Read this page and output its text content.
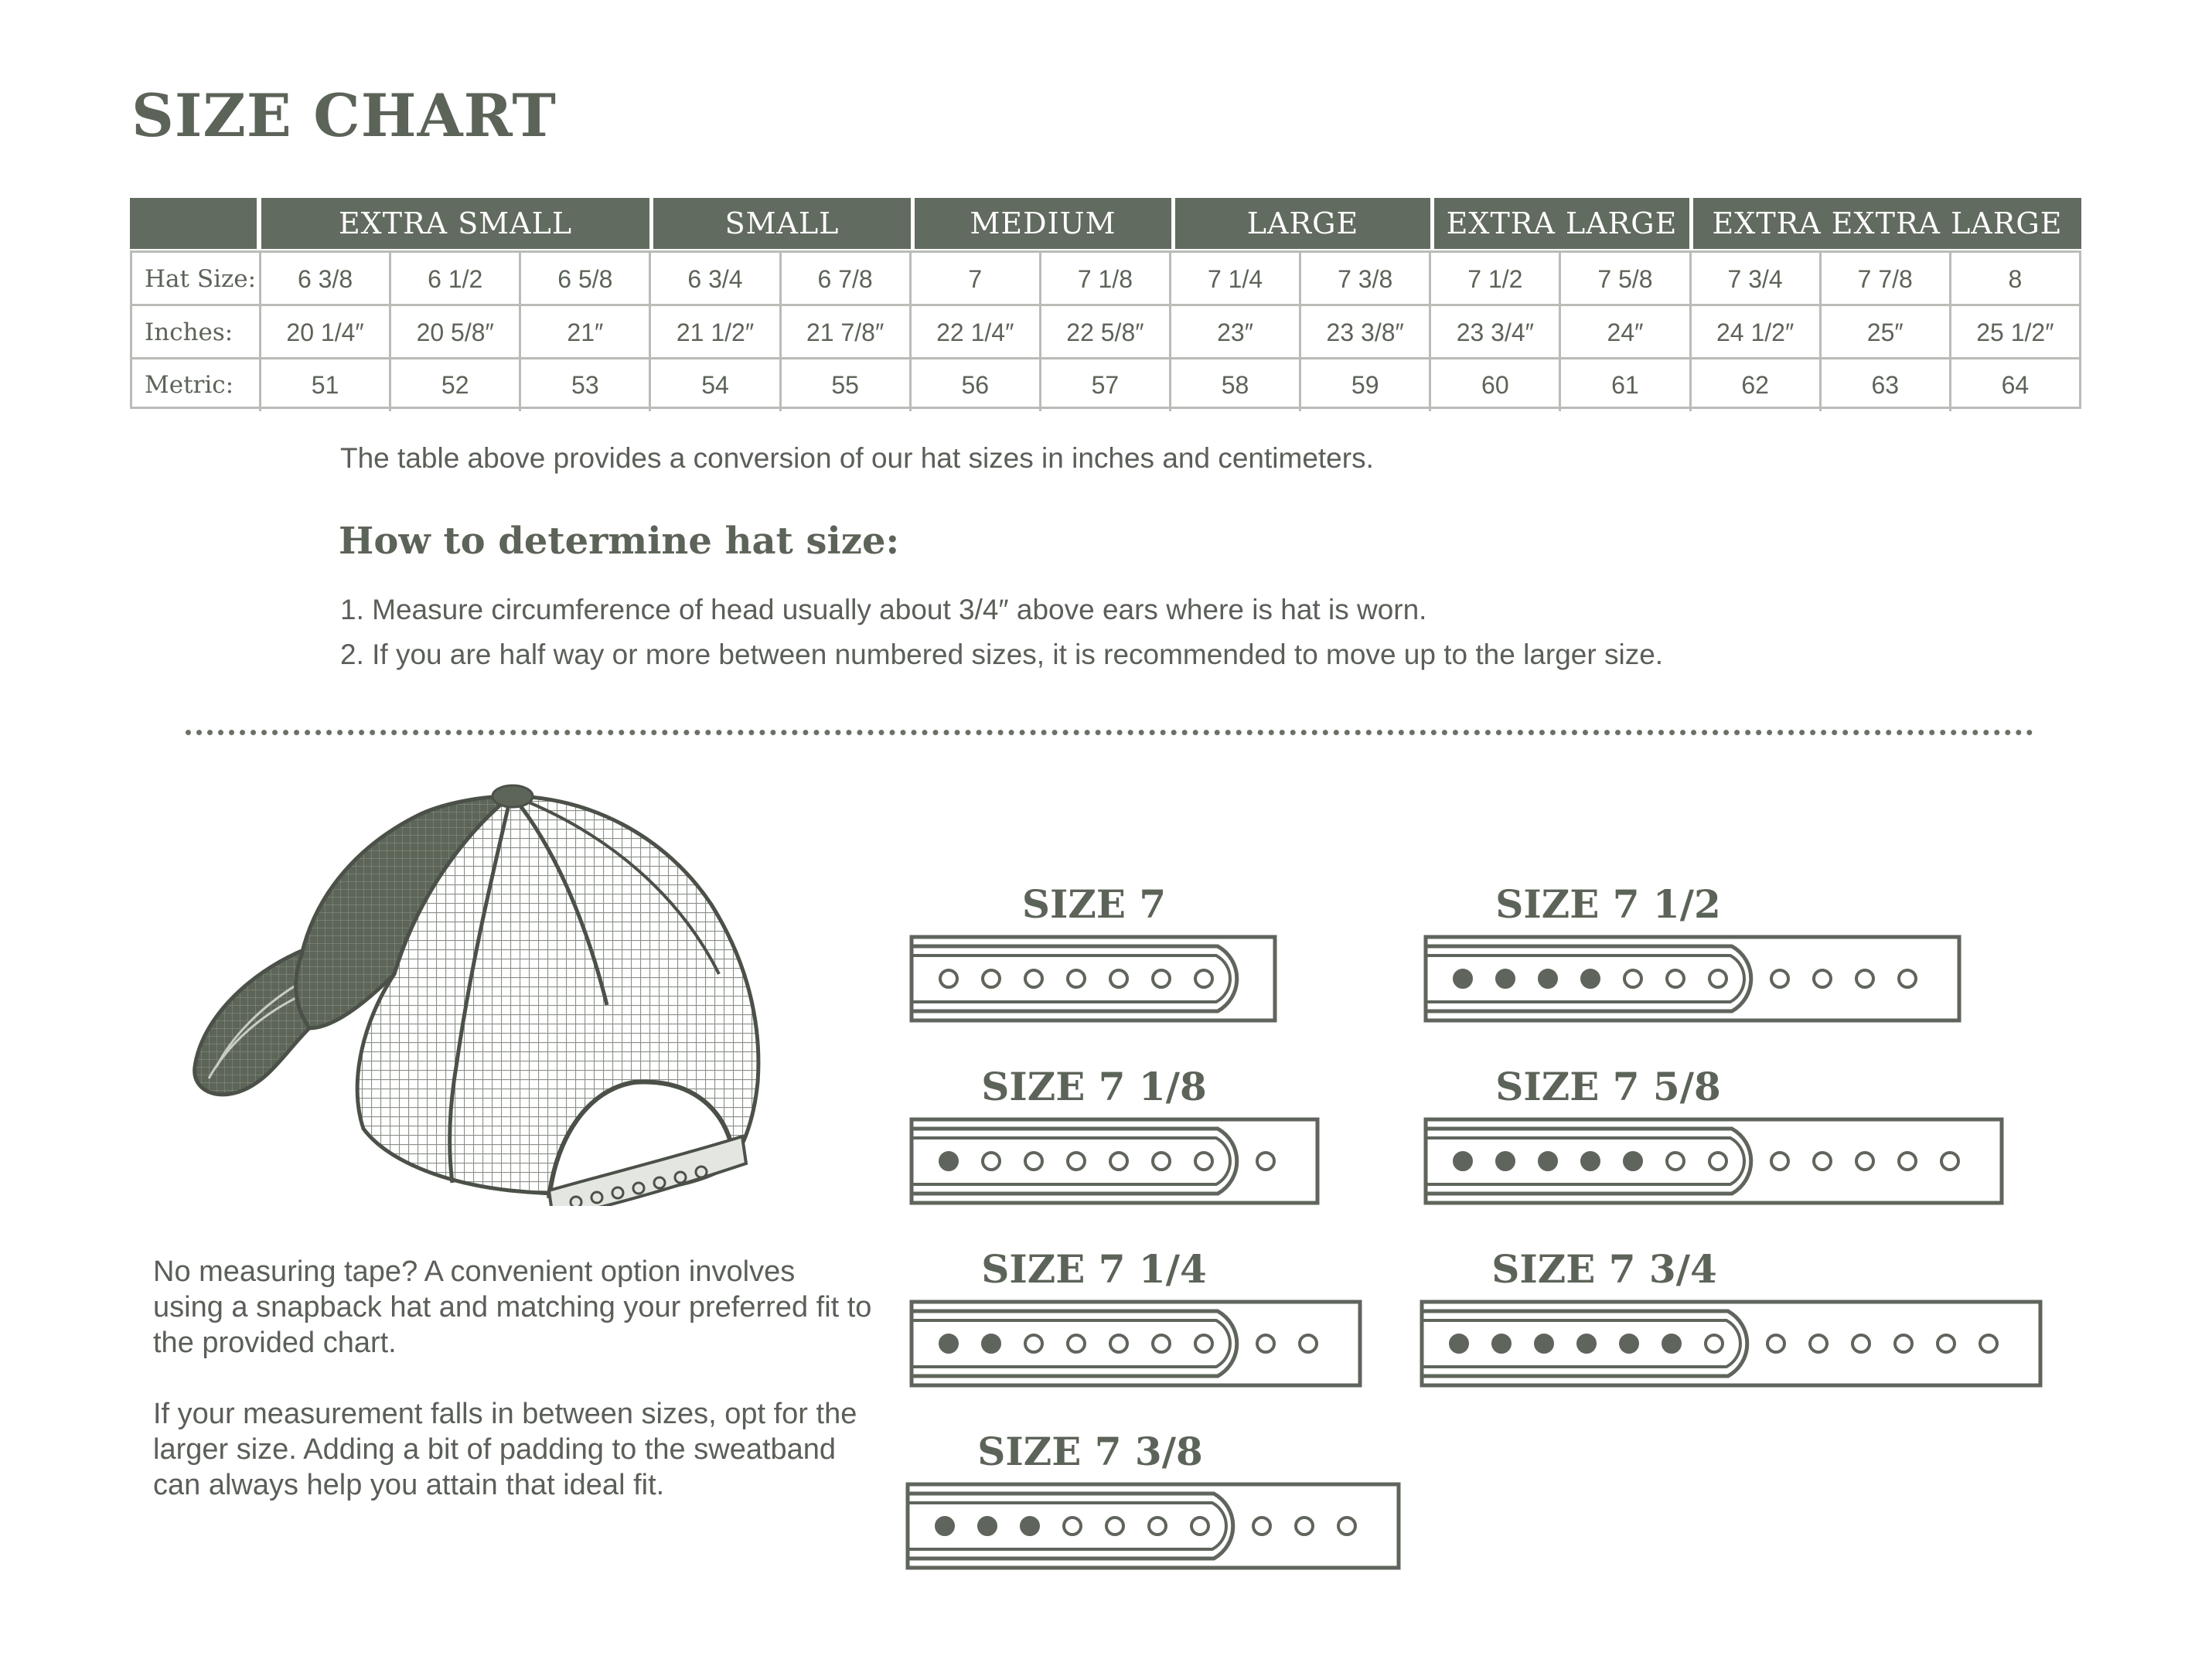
SIZE CHART
EXTRA SMALL	SMALL	MEDIUM	LARGE	EXTRA LARGE	EXTRA EXTRA LARGE
Hat Size:	6 3/8	6 1/2	6 5/8	6 3/4	6 7/8	7	7 1/8	7 1/4	7 3/8	7 1/2	7 5/8	7 3/4	7 7/8	8
Inches:	20 1/4″	20 5/8″	21″	21 1/2″	21 7/8″	22 1/4″	22 5/8″	23″	23 3/8″	23 3/4″	24″	24 1/2″	25″	25 1/2″
Metric:	51	52	53	54	55	56	57	58	59	60	61	62	63	64

The table above provides a conversion of our hat sizes in inches and centimeters.

How to determine hat size:

1. Measure circumference of head usually about 3/4″ above ears where is hat is worn.

2. If you are half way or more between numbered sizes, it is recommended to move up to the larger size.

No measuring tape? A convenient option involves using a snapback hat and matching your preferred fit to the provided chart.

If your measurement falls in between sizes, opt for the larger size. Adding a bit of padding to the sweatband can always help you attain that ideal fit.

SIZE 7
SIZE 7 1/8
SIZE 7 1/4
SIZE 7 3/8
SIZE 7 1/2
SIZE 7 5/8
SIZE 7 3/4
